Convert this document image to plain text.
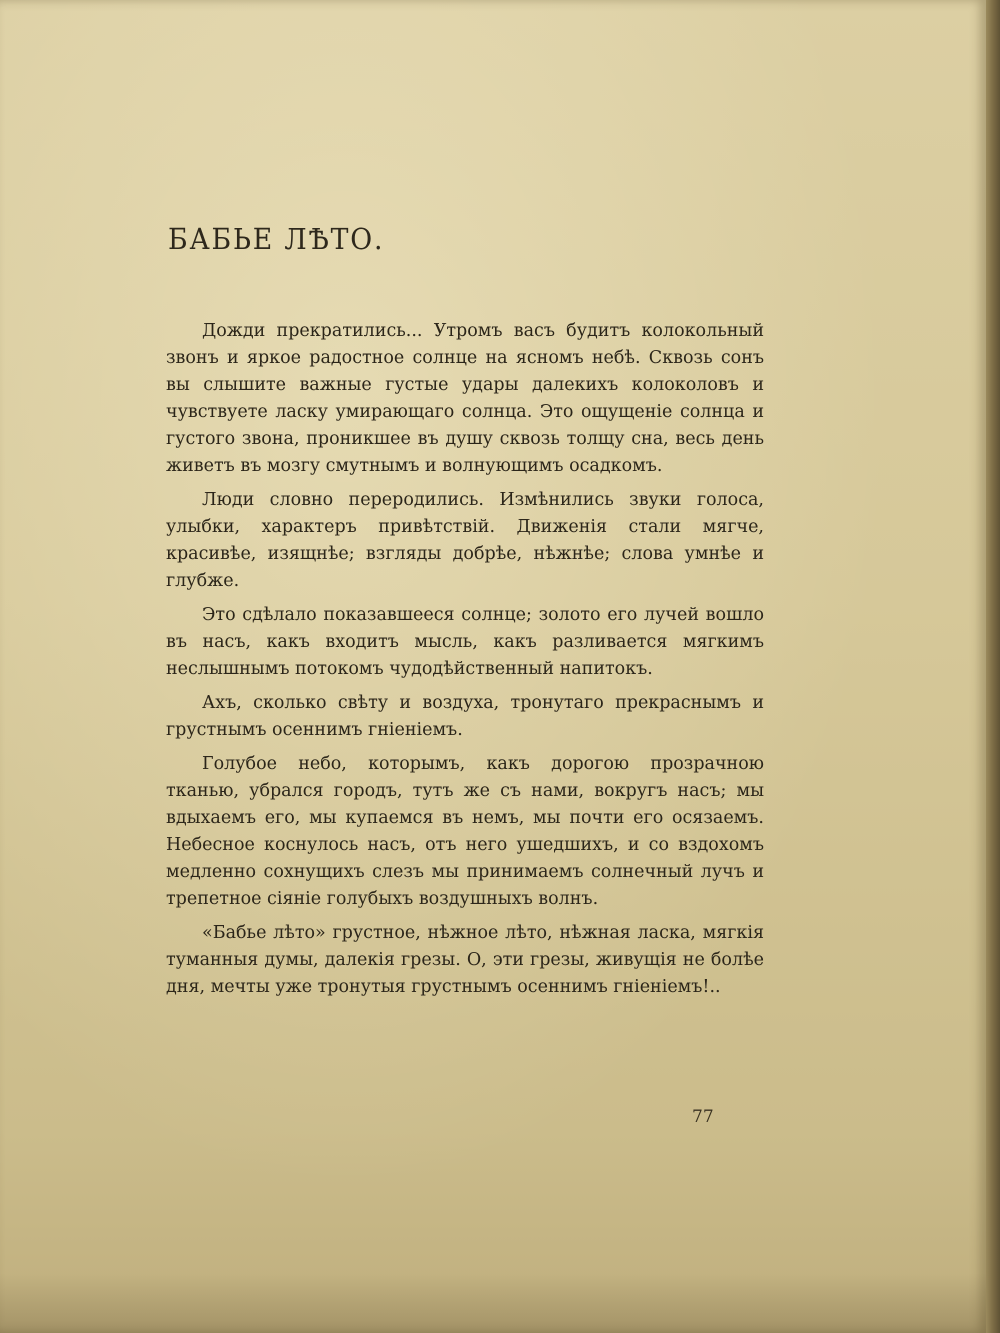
БАБЬЕ ЛѢТО.

Дожди прекратились... Утромъ васъ будитъ колокольный звонъ и яркое радостное солнце на ясномъ небѣ. Сквозь сонъ вы слышите важные густые удары далекихъ колоколовъ и чувствуете ласку умирающаго солнца. Это ощущеніе солнца и густого звона, проникшее въ душу сквозь толщу сна, весь день живетъ въ мозгу смутнымъ и волнующимъ осадкомъ.

Люди словно переродились. Измѣнились звуки голоса, улыбки, характеръ привѣтствій. Движенія стали мягче, красивѣе, изящнѣе; взгляды добрѣе, нѣжнѣе; слова умнѣе и глубже.

Это сдѣлало показавшееся солнце; золото его лучей вошло въ насъ, какъ входитъ мысль, какъ разливается мягкимъ неслышнымъ потокомъ чудодѣйственный напитокъ.

Ахъ, сколько свѣту и воздуха, тронутаго прекраснымъ и грустнымъ осеннимъ гніеніемъ.

Голубое небо, которымъ, какъ дорогою прозрачною тканью, убрался городъ, тутъ же съ нами, вокругъ насъ; мы вдыхаемъ его, мы купаемся въ немъ, мы почти его осязаемъ. Небесное коснулось насъ, отъ него ушедшихъ, и со вздохомъ медленно сохнущихъ слезъ мы принимаемъ солнечный лучъ и трепетное сіяніе голубыхъ воздушныхъ волнъ.

«Бабье лѣто» грустное, нѣжное лѣто, нѣжная ласка, мягкія туманныя думы, далекія грезы. О, эти грезы, живущія не болѣе дня, мечты уже тронутыя грустнымъ осеннимъ гніеніемъ!..

77
